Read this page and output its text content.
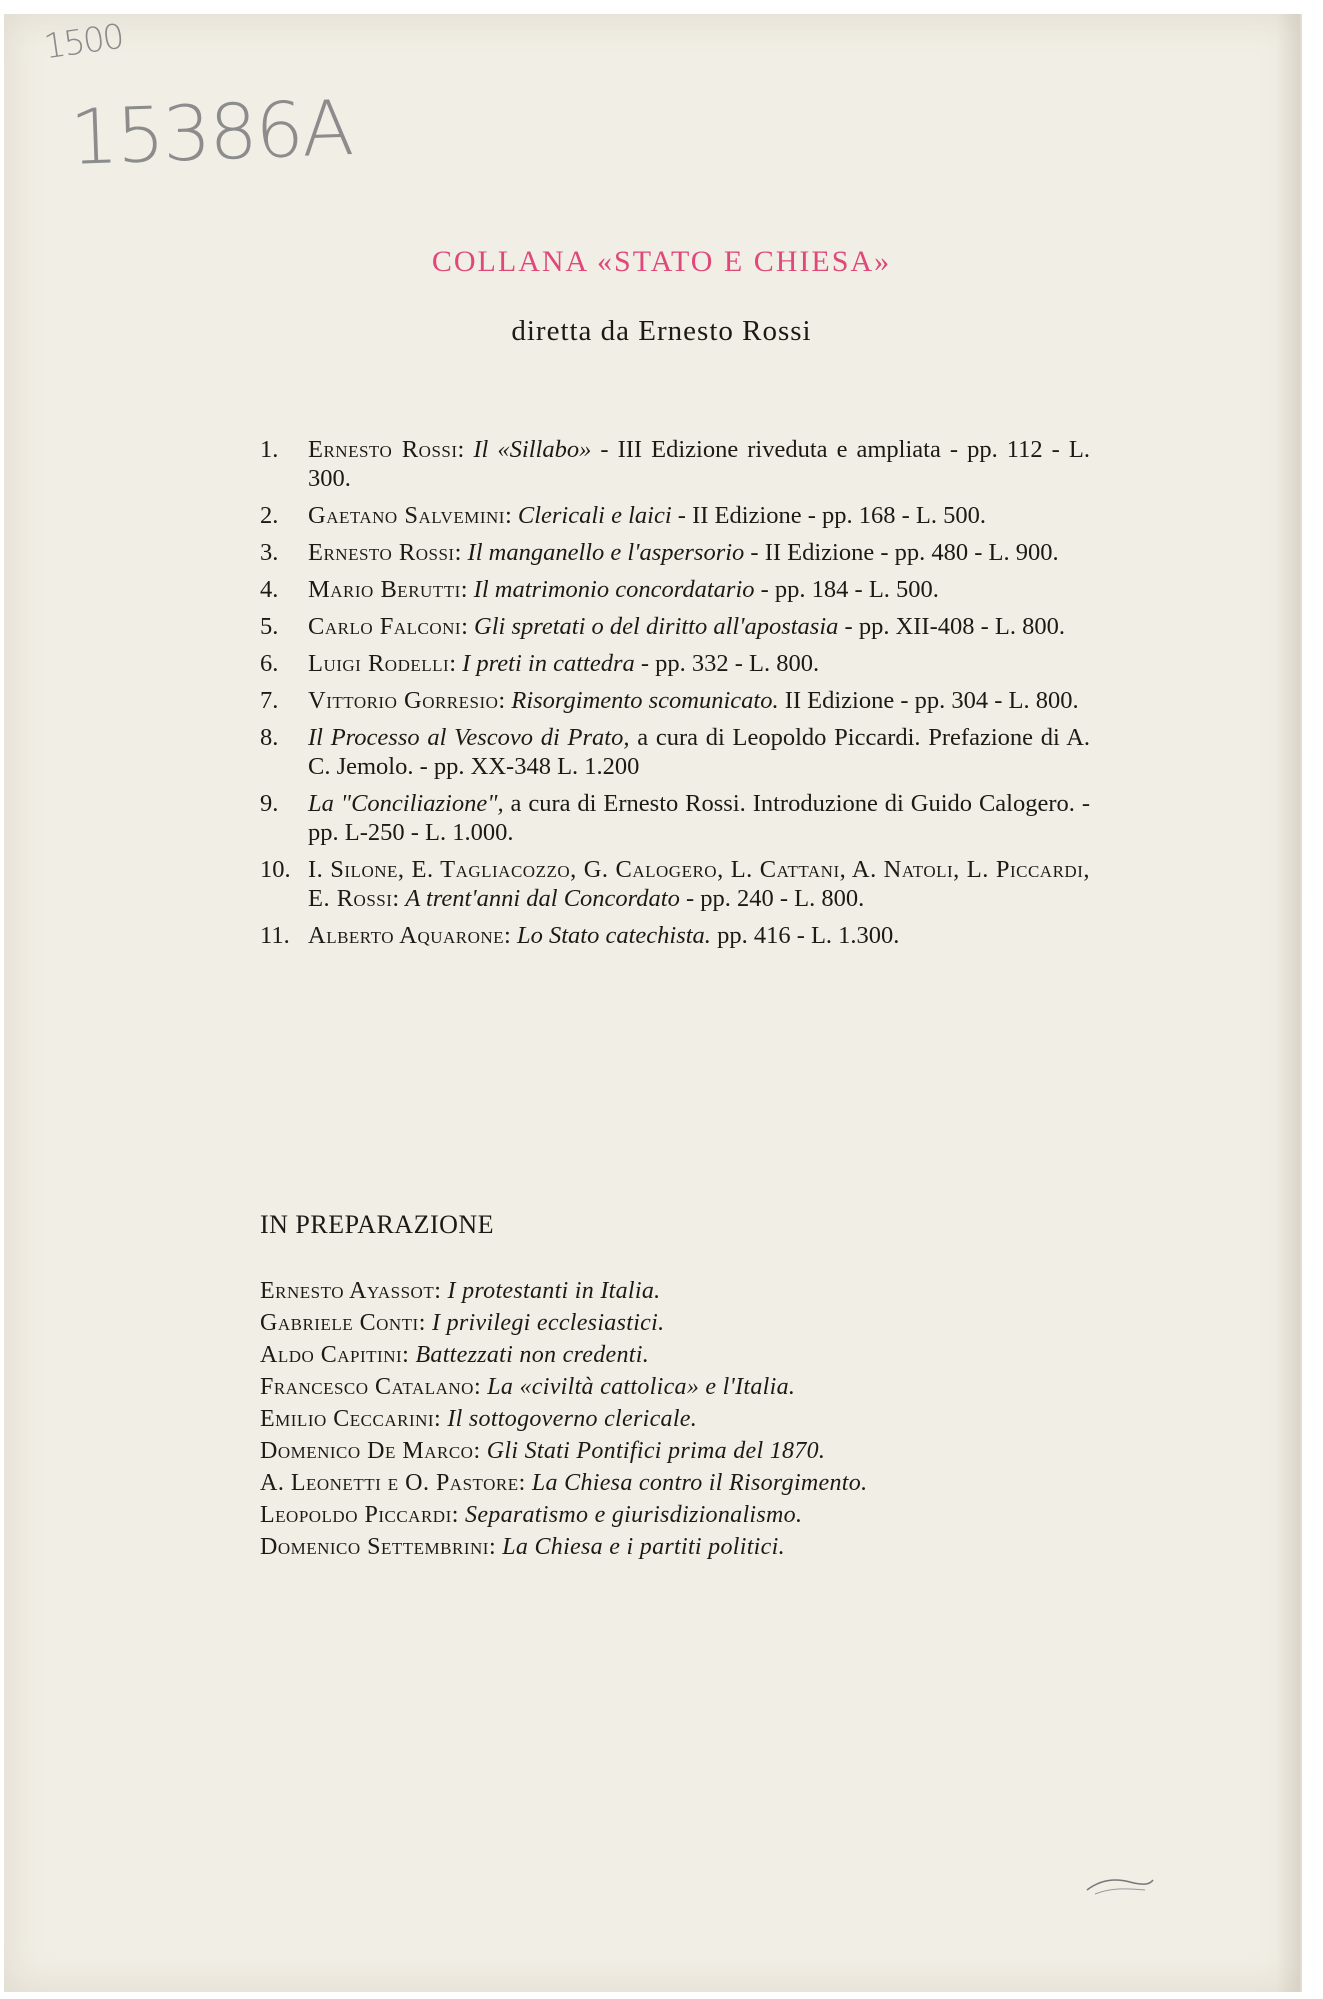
1500
15386A
COLLANA «STATO E CHIESA»
diretta da Ernesto Rossi
1. Ernesto Rossi: Il «Sillabo» - III Edizione riveduta e ampliata - pp. 112 - L. 300.
2. Gaetano Salvemini: Clericali e laici - II Edizione - pp. 168 - L. 500.
3. Ernesto Rossi: Il manganello e l'aspersorio - II Edizione - pp. 480 - L. 900.
4. Mario Berutti: Il matrimonio concordatario - pp. 184 - L. 500.
5. Carlo Falconi: Gli spretati o del diritto all'apostasia - pp. XII-408 - L. 800.
6. Luigi Rodelli: I preti in cattedra - pp. 332 - L. 800.
7. Vittorio Gorresio: Risorgimento scomunicato. II Edizione - pp. 304 - L. 800.
8. Il Processo al Vescovo di Prato, a cura di Leopoldo Piccardi. Prefazione di A. C. Jemolo. - pp. XX-348 L. 1.200
9. La "Conciliazione", a cura di Ernesto Rossi. Introduzione di Guido Calogero. - pp. L-250 - L. 1.000.
10. I. Silone, E. Tagliacozzo, G. Calogero, L. Cattani, A. Natoli, L. Piccardi, E. Rossi: A trent'anni dal Concordato - pp. 240 - L. 800.
11. Alberto Aquarone: Lo Stato catechista. pp. 416 - L. 1.300.
IN PREPARAZIONE
Ernesto Ayassot: I protestanti in Italia.
Gabriele Conti: I privilegi ecclesiastici.
Aldo Capitini: Battezzati non credenti.
Francesco Catalano: La «civiltà cattolica» e l'Italia.
Emilio Ceccarini: Il sottogoverno clericale.
Domenico De Marco: Gli Stati Pontifici prima del 1870.
A. Leonetti e O. Pastore: La Chiesa contro il Risorgimento.
Leopoldo Piccardi: Separatismo e giurisdizionalismo.
Domenico Settembrini: La Chiesa e i partiti politici.
